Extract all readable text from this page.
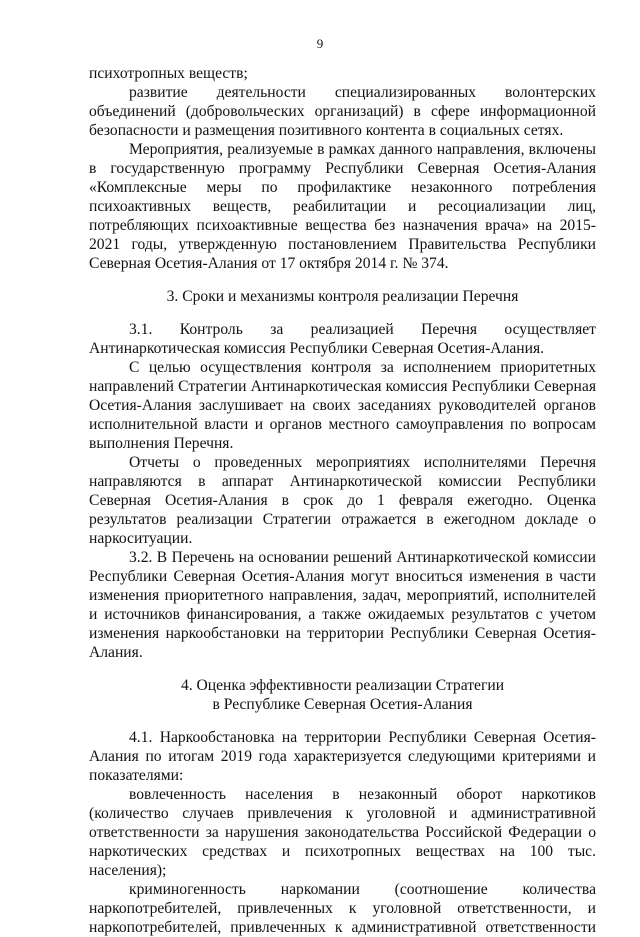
9

психотропных веществ;

развитие деятельности специализированных волонтерских объединений (добровольческих организаций) в сфере информационной безопасности и размещения позитивного контента в социальных сетях.

Мероприятия, реализуемые в рамках данного направления, включены в государственную программу Республики Северная Осетия-Алания «Комплексные меры по профилактике незаконного потребления психоактивных веществ, реабилитации и ресоциализации лиц, потребляющих психоактивные вещества без назначения врача» на 2015-2021 годы, утвержденную постановлением Правительства Республики Северная Осетия-Алания от 17 октября 2014 г. № 374.

3. Сроки и механизмы контроля реализации Перечня

3.1. Контроль за реализацией Перечня осуществляет Антинаркотическая комиссия Республики Северная Осетия-Алания.

С целью осуществления контроля за исполнением приоритетных направлений Стратегии Антинаркотическая комиссия Республики Северная Осетия-Алания заслушивает на своих заседаниях руководителей органов исполнительной власти и органов местного самоуправления по вопросам выполнения Перечня.

Отчеты о проведенных мероприятиях исполнителями Перечня направляются в аппарат Антинаркотической комиссии Республики Северная Осетия-Алания в срок до 1 февраля ежегодно. Оценка результатов реализации Стратегии отражается в ежегодном докладе о наркоситуации.

3.2. В Перечень на основании решений Антинаркотической комиссии Республики Северная Осетия-Алания могут вноситься изменения в части изменения приоритетного направления, задач, мероприятий, исполнителей и источников финансирования, а также ожидаемых результатов с учетом изменения наркообстановки на территории Республики Северная Осетия-Алания.

4. Оценка эффективности реализации Стратегии
в Республике Северная Осетия-Алания

4.1. Наркообстановка на территории Республики Северная Осетия-Алания по итогам 2019 года характеризуется следующими критериями и показателями:

вовлеченность населения в незаконный оборот наркотиков (количество случаев привлечения к уголовной и административной ответственности за нарушения законодательства Российской Федерации о наркотических средствах и психотропных веществах на 100 тыс. населения);

криминогенность наркомании (соотношение количества наркопотребителей, привлеченных к уголовной ответственности, и наркопотребителей, привлеченных к административной ответственности
